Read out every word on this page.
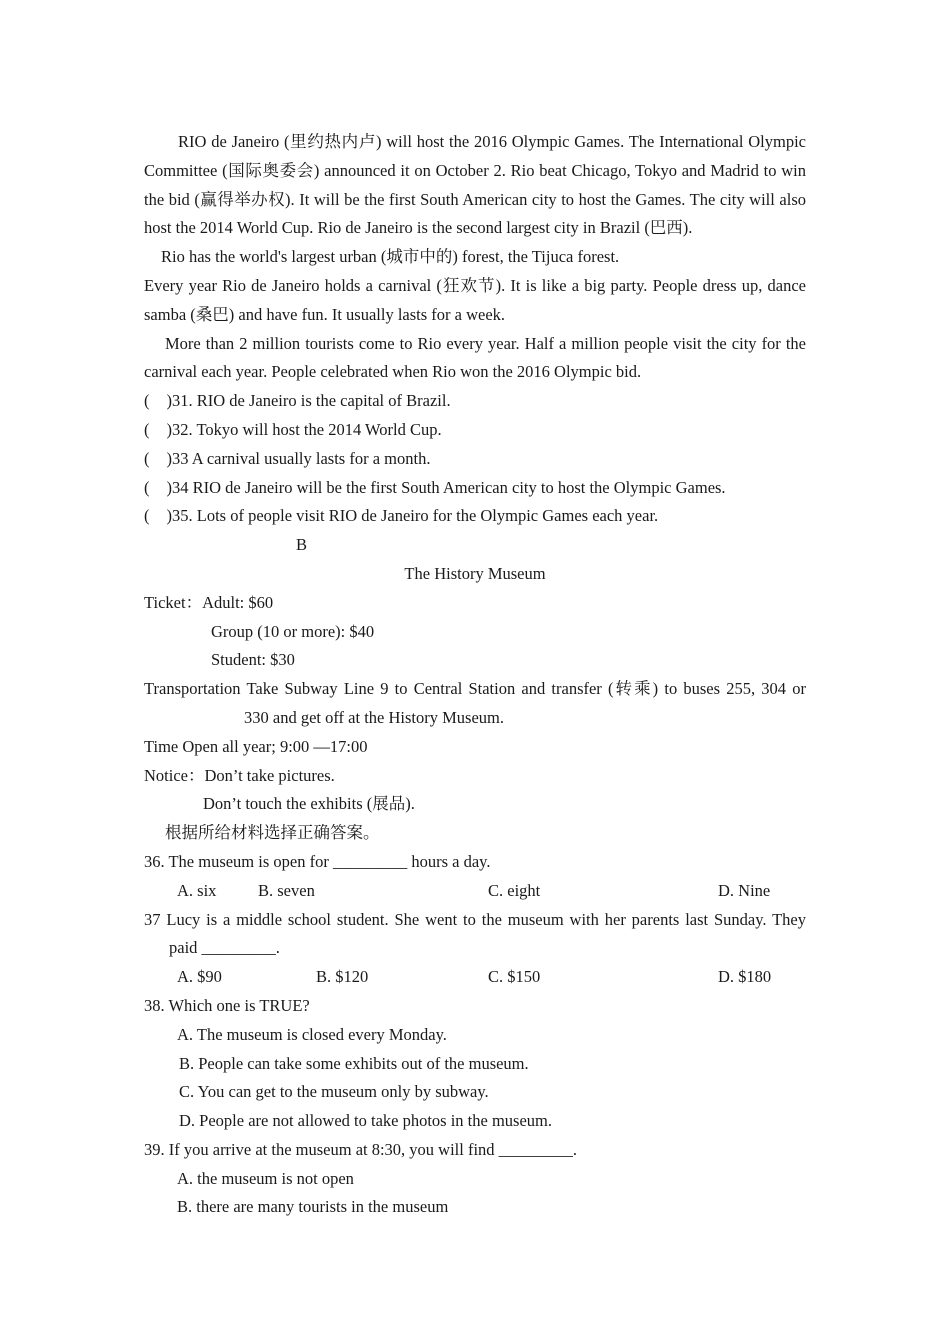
RIO de Janeiro (里约热内卢) will host the 2016 Olympic Games. The International Olympic
Committee (国际奥委会) announced it on October 2. Rio beat Chicago, Tokyo and Madrid to win
the bid (赢得举办权). It will be the first South American city to host the Games. The city will also
host the 2014 World Cup. Rio de Janeiro is the second largest city in Brazil (巴西).
Rio has the world's largest urban (城市中的) forest, the Tijuca forest.
Every year Rio de Janeiro holds a carnival (狂欢节). It is like a big party. People dress up, dance
samba (桑巴) and have fun. It usually lasts for a week.
More than 2 million tourists come to Rio every year. Half a million people visit the city for the
carnival each year. People celebrated when Rio won the 2016 Olympic bid.
( )31. RIO de Janeiro is the capital of Brazil.
( )32. Tokyo will host the 2014 World Cup.
( )33 A carnival usually lasts for a month.
( )34 RIO de Janeiro will be the first South American city to host the Olympic Games.
( )35. Lots of people visit RIO de Janeiro for the Olympic Games each year.
B
The History Museum
Ticket：Adult: $60
Group (10 or more): $40
Student: $30
Transportation Take Subway Line 9 to Central Station and transfer (转乘) to buses 255, 304 or
330 and get off at the History Museum.
Time Open all year; 9:00 —17:00
Notice：Don’t take pictures.
Don’t touch the exhibits (展品).
根据所给材料选择正确答案。
36. The museum is open for _________ hours a day.
A. six	B. seven	C. eight	D. Nine
37 Lucy is a middle school student. She went to the museum with her parents last Sunday. They
paid _________.
A. $90	B. $120	C. $150	D. $180
38. Which one is TRUE?
A. The museum is closed every Monday.
B. People can take some exhibits out of the museum.
C. You can get to the museum only by subway.
D. People are not allowed to take photos in the museum.
39. If you arrive at the museum at 8:30, you will find _________.
A. the museum is not open
B. there are many tourists in the museum
